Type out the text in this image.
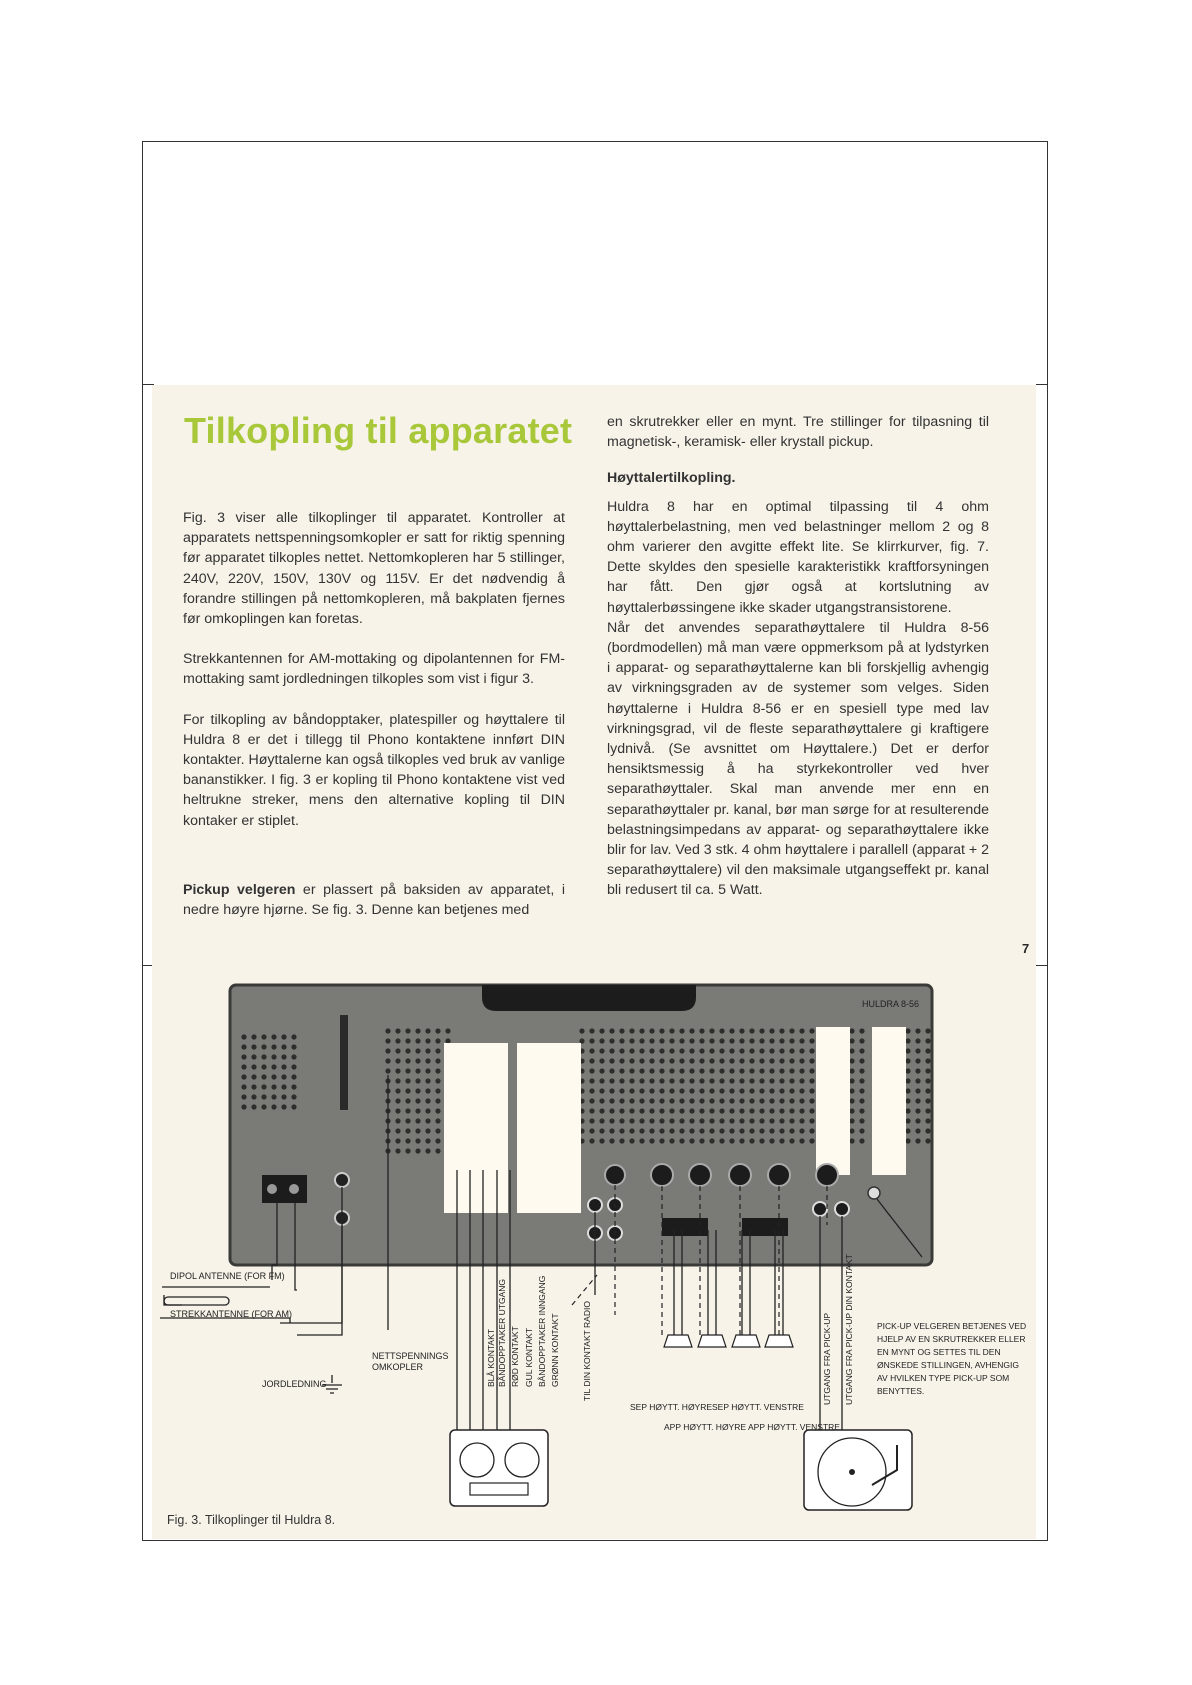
Tilkopling til apparatet

Fig. 3 viser alle tilkoplinger til apparatet. Kontroller at apparatets nettspenningsomkopler er satt for riktig spenning før apparatet tilkoples nettet. Nettomkopleren har 5 stillinger, 240V, 220V, 150V, 130V og 115V. Er det nødvendig å forandre stillingen på nettomkopleren, må bakplaten fjernes før omkoplingen kan foretas.

Strekkantennen for AM-mottaking og dipolantennen for FM-mottaking samt jordledningen tilkoples som vist i figur 3.

For tilkopling av båndopptaker, platespiller og høyttalere til Huldra 8 er det i tillegg til Phono kontaktene innført DIN kontakter. Høyttalerne kan også tilkoples ved bruk av vanlige bananstikker. I fig. 3 er kopling til Phono kontaktene vist ved heltrukne streker, mens den alternative kopling til DIN kontaker er stiplet.

Pickup velgeren er plassert på baksiden av apparatet, i nedre høyre hjørne. Se fig. 3. Denne kan betjenes med

en skrutrekker eller en mynt. Tre stillinger for tilpasning til magnetisk-, keramisk- eller krystall pickup.

Høyttalertilkopling.

Huldra 8 har en optimal tilpassing til 4 ohm høyttalerbelastning, men ved belastninger mellom 2 og 8 ohm varierer den avgitte effekt lite. Se klirrkurver, fig. 7. Dette skyldes den spesielle karakteristikk kraftforsyningen har fått. Den gjør også at kortslutning av høyttalerbøssingene ikke skader utgangstransistorene.

Når det anvendes separathøyttalere til Huldra 8-56 (bordmodellen) må man være oppmerksom på at lydstyrken i apparat- og separathøyttalerne kan bli forskjellig avhengig av virkningsgraden av de systemer som velges. Siden høyttalerne i Huldra 8-56 er en spesiell type med lav virkningsgrad, vil de fleste separathøyttalere gi kraftigere lydnivå. (Se avsnittet om Høyttalere.) Det er derfor hensiktsmessig å ha styrkekontroller ved hver separathøyttaler. Skal man anvende mer enn en separathøyttaler pr. kanal, bør man sørge for at resulterende belastningsimpedans av apparat- og separathøyttalere ikke blir for lav. Ved 3 stk. 4 ohm høyttalere i parallell (apparat + 2 separathøyttalere) vil den maksimale utgangseffekt pr. kanal bli redusert til ca. 5 Watt.

7
HULDRA 8-56
DIPOL ANTENNE (FOR FM)
STREKKANTENNE (FOR AM)
JORDLEDNING
NETTSPENNINGS
OMKOPLER	BLÅ KONTAKT BÅNDOPPTAKER UTGANG RØD KONTAKT GUL KONTAKT BÅNDOPPTAKER INNGANG GRØNN KONTAKT	TIL DIN KONTAKT RADIO
SEP HØYTT. HØYRE
APP HØYTT. HØYRE
SEP HØYTT. VENSTRE
APP HØYTT. VENSTRE
UTGANG FRA PICK-UP UTGANG FRA PICK-UP DIN KONTAKT	PICK-UP VELGEREN BETJENES VED
HJELP AV EN SKRUTREKKER ELLER
EN MYNT OG SETTES TIL DEN
ØNSKEDE STILLINGEN, AVHENGIG
AV HVILKEN TYPE PICK-UP SOM
BENYTTES.
Fig. 3. Tilkoplinger til Huldra 8.
